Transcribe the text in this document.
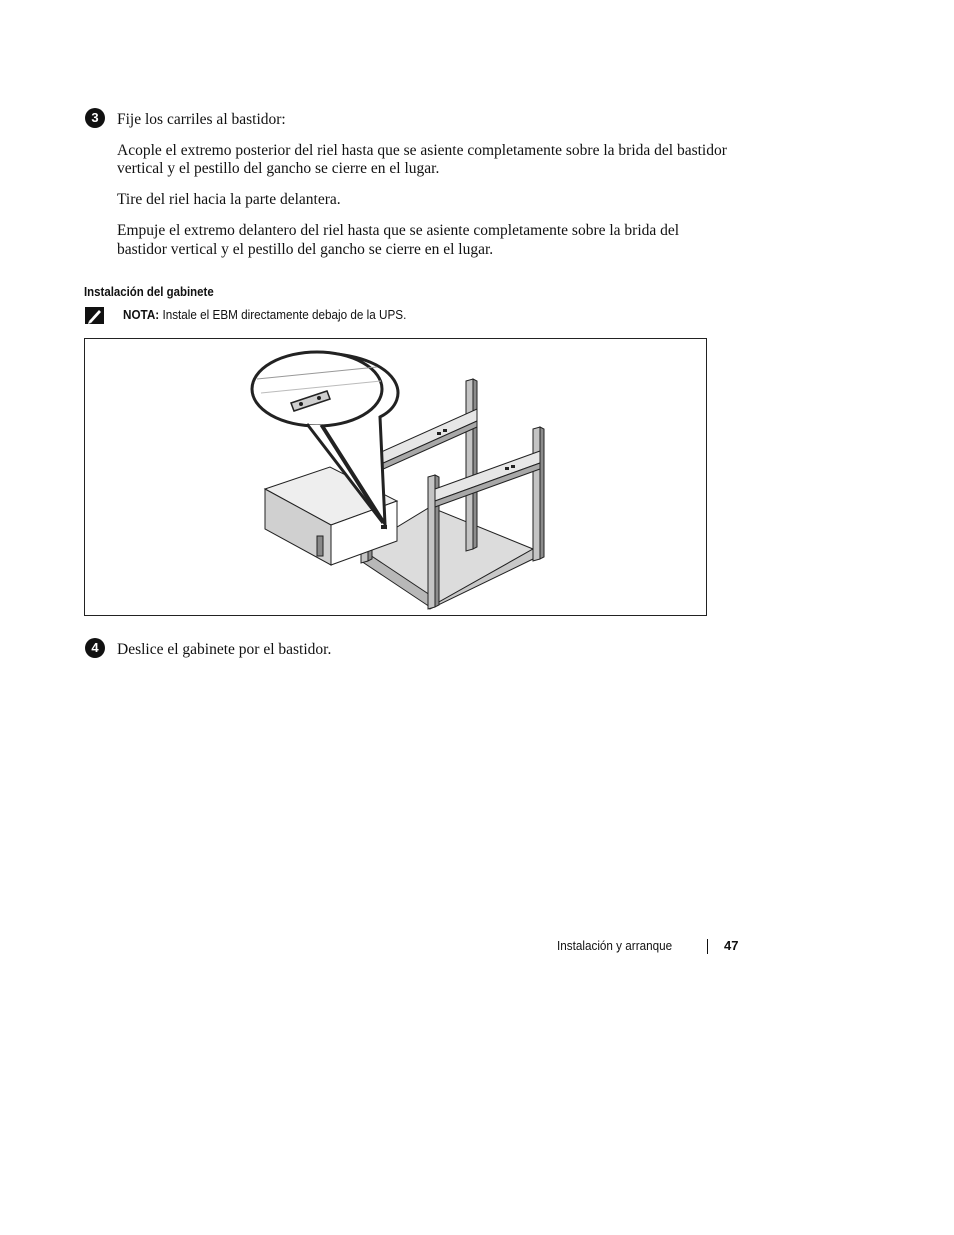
3	Fije los carriles al bastidor:
Acople el extremo posterior del riel hasta que se asiente completamente sobre la brida del bastidor
vertical y el pestillo del gancho se cierre en el lugar.
Tire del riel hacia la parte delantera.
Empuje el extremo delantero del riel hasta que se asiente completamente sobre la brida del
bastidor vertical y el pestillo del gancho se cierre en el lugar.
Instalación del gabinete
NOTA: Instale el EBM directamente debajo de la UPS.
4	Deslice el gabinete por el bastidor.
Instalación y arranque	47
